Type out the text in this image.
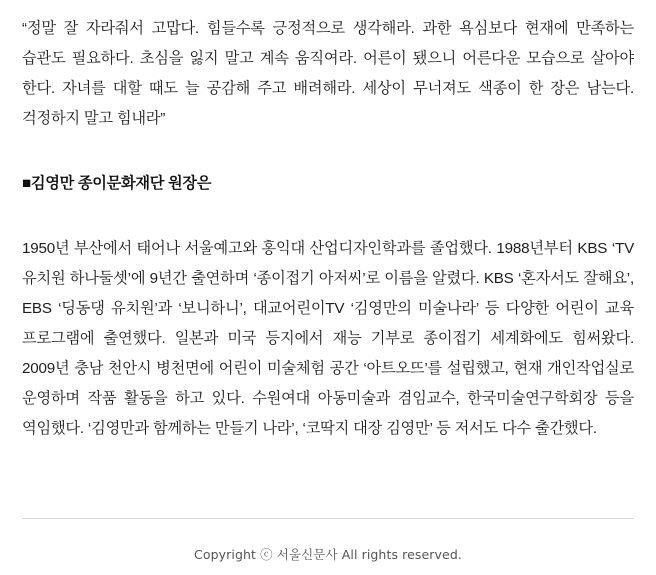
“정말 잘 자라줘서 고맙다. 힘들수록 긍정적으로 생각해라. 과한 욕심보다 현재에 만족하는 습관도 필요하다. 초심을 잃지 말고 계속 움직여라. 어른이 됐으니 어른다운 모습으로 살아야 한다. 자녀를 대할 때도 늘 공감해 주고 배려해라. 세상이 무너져도 색종이 한 장은 남는다. 걱정하지 말고 힘내라”

■김영만 종이문화재단 원장은

1950년 부산에서 태어나 서울예고와 홍익대 산업디자인학과를 졸업했다. 1988년부터 KBS ‘TV 유치원 하나둘셋’에 9년간 출연하며 ‘종이접기 아저씨’로 이름을 알렸다. KBS ‘혼자서도 잘해요’, EBS ‘딩동댕 유치원’과 ‘보니하니’, 대교어린이TV ‘김영만의 미술나라’ 등 다양한 어린이 교육 프로그램에 출연했다. 일본과 미국 등지에서 재능 기부로 종이접기 세계화에도 힘써왔다. 2009년 충남 천안시 병천면에 어린이 미술체험 공간 ‘아트오뜨’를 설립했고, 현재 개인작업실로 운영하며 작품 활동을 하고 있다. 수원여대 아동미술과 겸임교수, 한국미술연구학회장 등을 역임했다. ‘김영만과 함께하는 만들기 나라’, ‘코딱지 대장 김영만’ 등 저서도 다수 출간했다.

Copyright ⓒ 서울신문사 All rights reserved.
